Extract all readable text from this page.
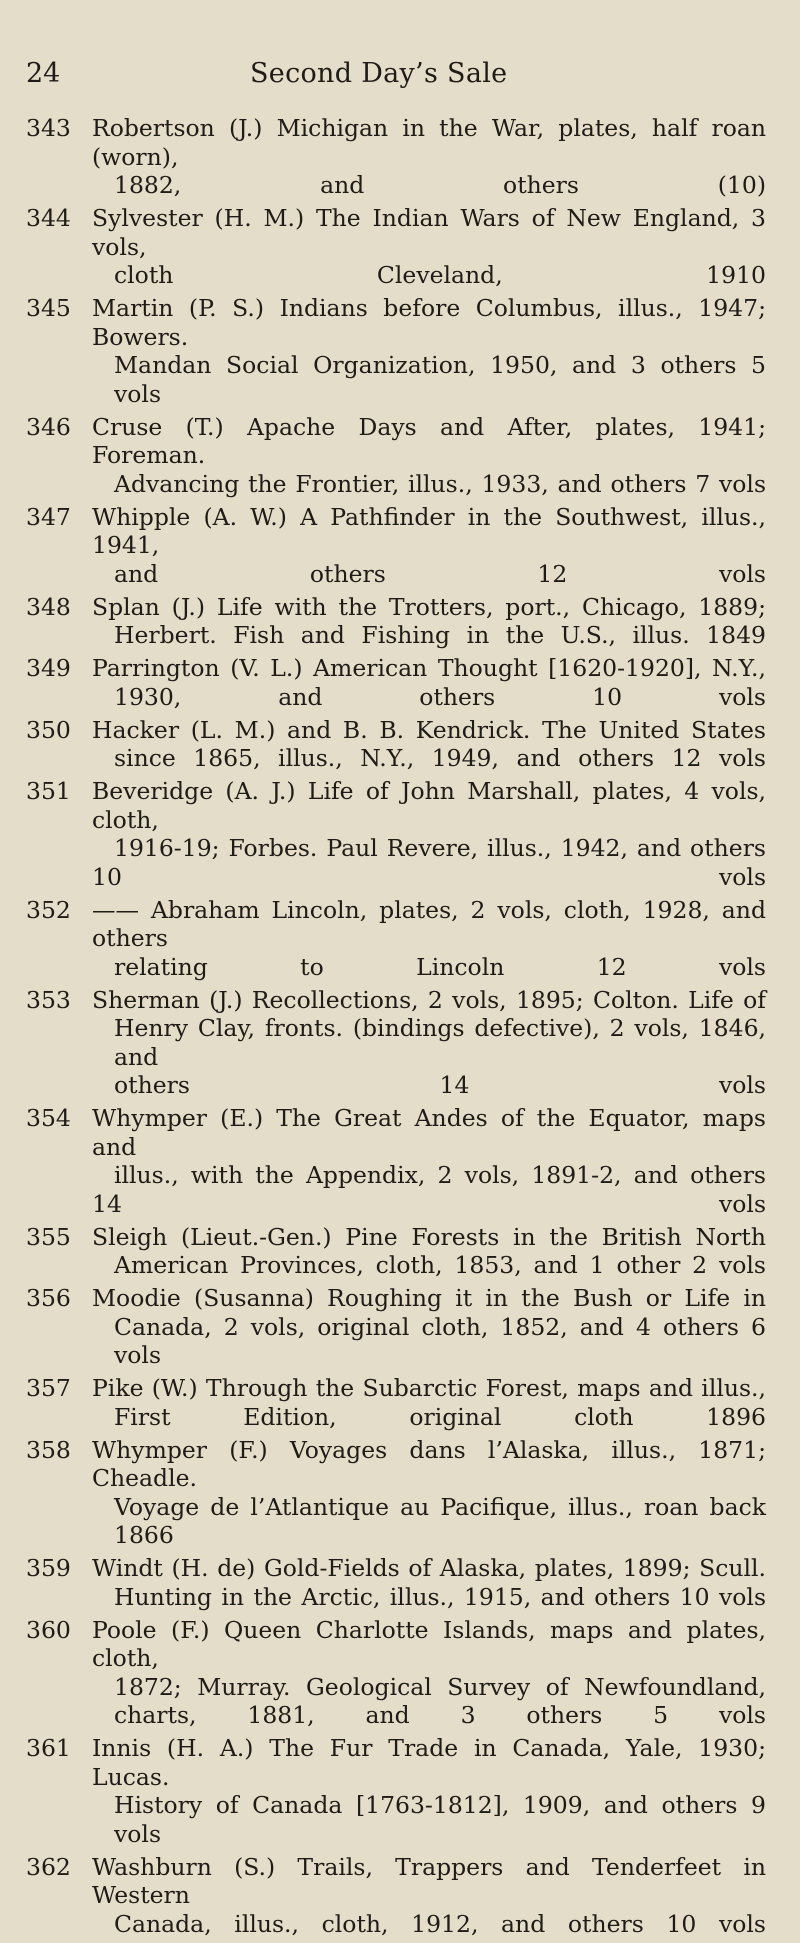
24	Second Day’s Sale
343 Robertson (J.) Michigan in the War, plates, half roan (worn),
1882, and others (10)
344 Sylvester (H. M.) The Indian Wars of New England, 3 vols,
cloth Cleveland, 1910
345 Martin (P. S.) Indians before Columbus, illus., 1947; Bowers.
Mandan Social Organization, 1950, and 3 others 5 vols
346 Cruse (T.) Apache Days and After, plates, 1941; Foreman.
Advancing the Frontier, illus., 1933, and others 7 vols
347 Whipple (A. W.) A Pathfinder in the Southwest, illus., 1941,
and others 12 vols
348 Splan (J.) Life with the Trotters, port., Chicago, 1889;
Herbert. Fish and Fishing in the U.S., illus. 1849
349 Parrington (V. L.) American Thought [1620-1920], N.Y.,
1930, and others 10 vols
350 Hacker (L. M.) and B. B. Kendrick. The United States
since 1865, illus., N.Y., 1949, and others 12 vols
351 Beveridge (A. J.) Life of John Marshall, plates, 4 vols, cloth,
1916-19; Forbes. Paul Revere, illus., 1942, and others
10 vols
352 —— Abraham Lincoln, plates, 2 vols, cloth, 1928, and others
relating to Lincoln 12 vols
353 Sherman (J.) Recollections, 2 vols, 1895; Colton. Life of
Henry Clay, fronts. (bindings defective), 2 vols, 1846, and
others 14 vols
354 Whymper (E.) The Great Andes of the Equator, maps and
illus., with the Appendix, 2 vols, 1891-2, and others
14 vols
355 Sleigh (Lieut.-Gen.) Pine Forests in the British North
American Provinces, cloth, 1853, and 1 other 2 vols
356 Moodie (Susanna) Roughing it in the Bush or Life in
Canada, 2 vols, original cloth, 1852, and 4 others 6 vols
357 Pike (W.) Through the Subarctic Forest, maps and illus.,
First Edition, original cloth 1896
358 Whymper (F.) Voyages dans l’Alaska, illus., 1871; Cheadle.
Voyage de l’Atlantique au Pacifique, illus., roan back 1866
359 Windt (H. de) Gold-Fields of Alaska, plates, 1899; Scull.
Hunting in the Arctic, illus., 1915, and others 10 vols
360 Poole (F.) Queen Charlotte Islands, maps and plates, cloth,
1872; Murray. Geological Survey of Newfoundland,
charts, 1881, and 3 others 5 vols
361 Innis (H. A.) The Fur Trade in Canada, Yale, 1930; Lucas.
History of Canada [1763-1812], 1909, and others 9 vols
362 Washburn (S.) Trails, Trappers and Tenderfeet in Western
Canada, illus., cloth, 1912, and others 10 vols
